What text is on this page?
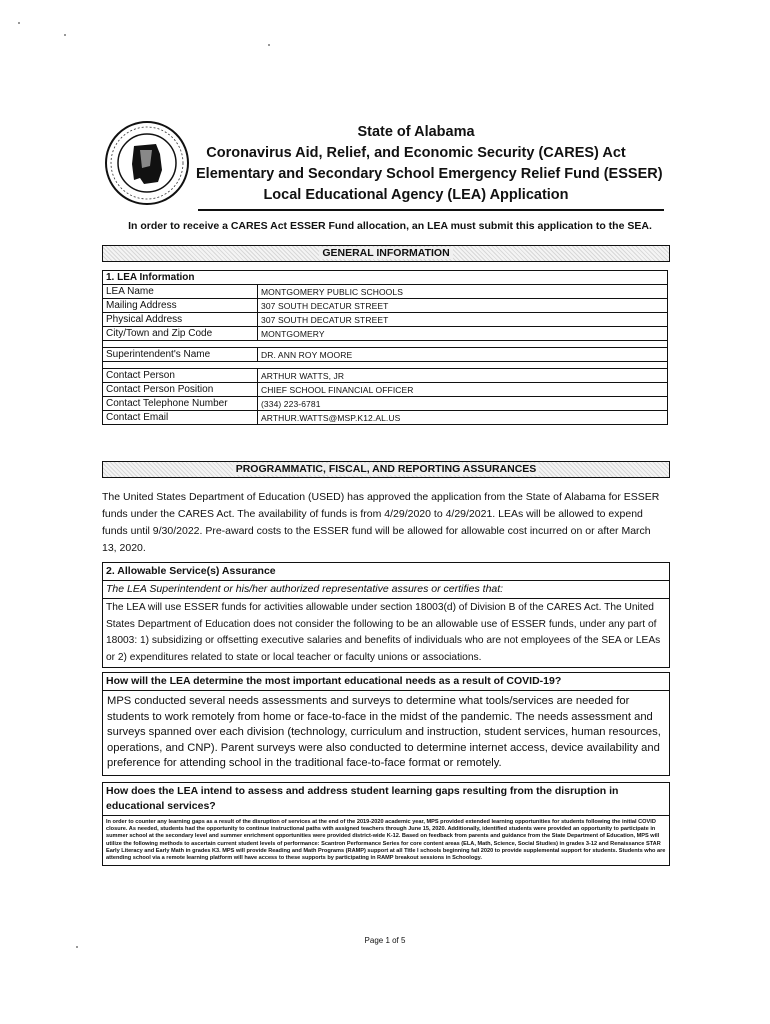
State of Alabama
Coronavirus Aid, Relief, and Economic Security (CARES) Act
Elementary and Secondary School Emergency Relief Fund (ESSER)
Local Educational Agency (LEA) Application
In order to receive a CARES Act ESSER Fund allocation, an LEA must submit this application to the SEA.
GENERAL INFORMATION
1. LEA Information	
LEA Name	MONTGOMERY PUBLIC SCHOOLS
Mailing Address	307 SOUTH DECATUR STREET
Physical Address	307 SOUTH DECATUR STREET
City/Town and Zip Code	MONTGOMERY

Superintendent's Name	DR. ANN ROY MOORE

Contact Person	ARTHUR WATTS, JR
Contact Person Position	CHIEF SCHOOL FINANCIAL OFFICER
Contact Telephone Number	(334) 223-6781
Contact Email	ARTHUR.WATTS@MSP.K12.AL.US
PROGRAMMATIC, FISCAL, AND REPORTING ASSURANCES
The United States Department of Education (USED) has approved the application from the State of Alabama for ESSER funds under the CARES Act. The availability of funds is from 4/29/2020 to 4/29/2021. LEAs will be allowed to expend funds until 9/30/2022. Pre-award costs to the ESSER fund will be allowed for allowable cost incurred on or after March 13, 2020.
2. Allowable Service(s) Assurance
The LEA Superintendent or his/her authorized representative assures or certifies that:
The LEA will use ESSER funds for activities allowable under section 18003(d) of Division B of the CARES Act. The United States Department of Education does not consider the following to be an allowable use of ESSER funds, under any part of 18003: 1) subsidizing or offsetting executive salaries and benefits of individuals who are not employees of the SEA or LEAs or 2) expenditures related to state or local teacher or faculty unions or associations.
How will the LEA determine the most important educational needs as a result of COVID-19?
MPS conducted several needs assessments and surveys to determine what tools/services are needed for students to work remotely from home or face-to-face in the midst of the pandemic. The needs assessment and surveys spanned over each division (technology, curriculum and instruction, student services, human resources, operations, and CNP). Parent surveys were also conducted to determine internet access, device availability and preference for attending school in the traditional face-to-face format or remotely.
How does the LEA intend to assess and address student learning gaps resulting from the disruption in educational services?
In order to counter any learning gaps as a result of the disruption of services at the end of the 2019-2020 academic year, MPS provided extended learning opportunities for students following the initial COVID closure. As needed, students had the opportunity to continue instructional paths with assigned teachers through June 15, 2020. Additionally, identified students were provided an opportunity to participate in summer school at the secondary level and summer enrichment opportunities were provided district-wide K-12. Based on feedback from parents and guidance from the State Department of Education, MPS will utilize the following methods to ascertain current student levels of performance: Scantron Performance Series for core content areas (ELA, Math, Science, Social Studies) in grades 3-12 and Renaissance STAR Early Literacy and Early Math in grades K3. MPS will provide Reading and Math Programs (RAMP) support at all Title I schools beginning fall 2020 to provide supplemental support for students. Students who are attending school via a remote learning platform will have access to these supports by participating in RAMP breakout sessions in Schoology.
Page 1 of 5
